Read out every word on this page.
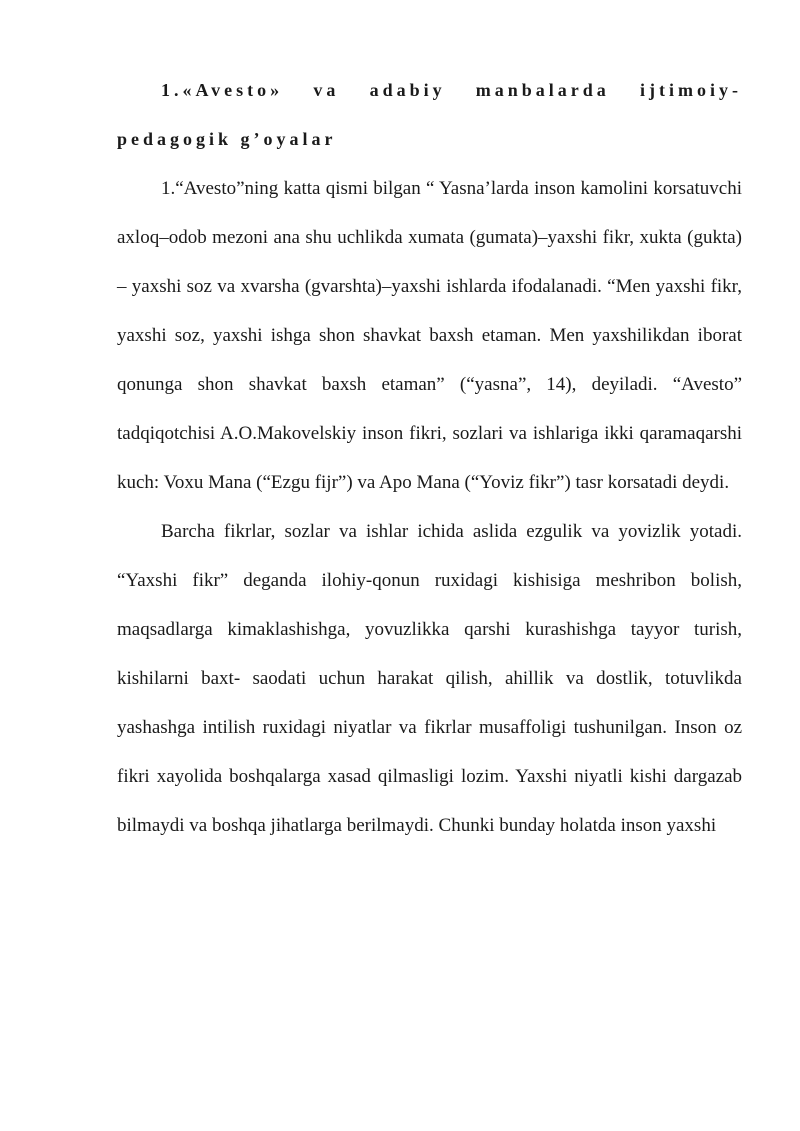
1.«Avesto» va adabiy manbalarda ijtimoiy-pedagogik g’oyalar

1.“Avesto”ning katta qismi bilgan “ Yasna’larda inson kamolini korsatuvchi axloq–odob mezoni ana shu uchlikda xumata (gumata)–yaxshi fikr, xukta (gukta) – yaxshi soz va xvarsha (gvarshta)–yaxshi ishlarda ifodalanadi. “Men yaxshi fikr, yaxshi soz, yaxshi ishga shon shavkat baxsh etaman. Men yaxshilikdan iborat qonunga shon shavkat baxsh etaman” (“yasna”, 14), deyiladi. “Avesto” tadqiqotchisi A.O.Makovelskiy inson fikri, sozlari va ishlariga ikki qaramaqarshi kuch: Voxu Mana (“Ezgu fijr”) va Apo Mana (“Yoviz fikr”) tasr korsatadi deydi.

Barcha fikrlar, sozlar va ishlar ichida aslida ezgulik va yovizlik yotadi. “Yaxshi fikr” deganda ilohiy-qonun ruxidagi kishisiga meshribon bolish, maqsadlarga kimaklashishga, yovuzlikka qarshi kurashishga tayyor turish, kishilarni baxt- saodati uchun harakat qilish, ahillik va dostlik, totuvlikda yashashga intilish ruxidagi niyatlar va fikrlar musaffoligi tushunilgan. Inson oz fikri xayolida boshqalarga xasad qilmasligi lozim. Yaxshi niyatli kishi dargazab bilmaydi va boshqa jihatlarga berilmaydi. Chunki bunday holatda inson yaxshi
